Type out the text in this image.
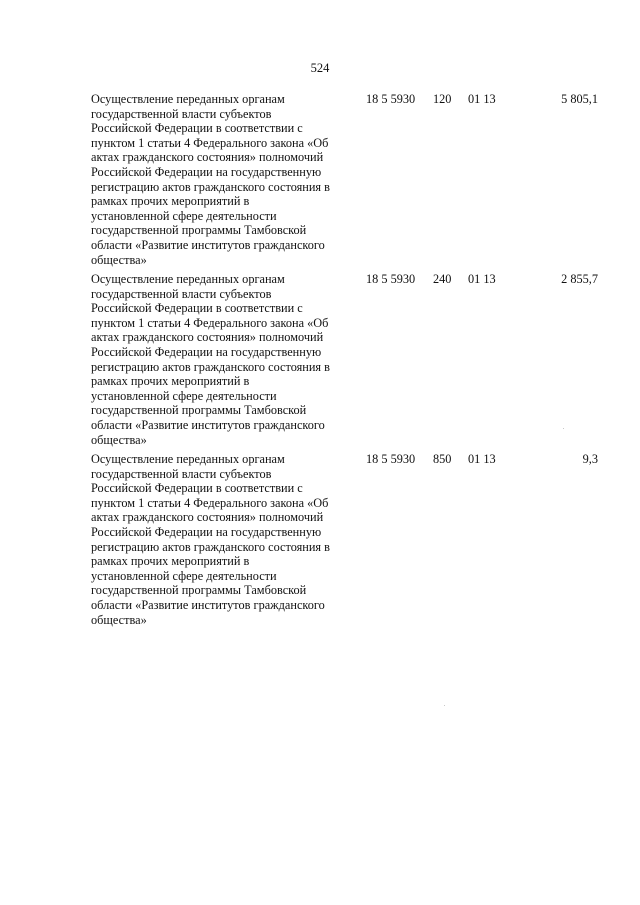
524
Осуществление переданных органам
государственной власти субъектов
Российской Федерации в соответствии с
пунктом 1 статьи 4 Федерального закона «Об
актах гражданского состояния» полномочий
Российской Федерации на государственную
регистрацию актов гражданского состояния в
рамках прочих мероприятий в
установленной сфере деятельности
государственной программы Тамбовской
области «Развитие институтов гражданского
общества»
18 5 5930 120 01 13	5 805,1
Осуществление переданных органам
государственной власти субъектов
Российской Федерации в соответствии с
пунктом 1 статьи 4 Федерального закона «Об
актах гражданского состояния» полномочий
Российской Федерации на государственную
регистрацию актов гражданского состояния в
рамках прочих мероприятий в
установленной сфере деятельности
государственной программы Тамбовской
области «Развитие институтов гражданского
общества»
18 5 5930 240 01 13	2 855,7
Осуществление переданных органам
государственной власти субъектов
Российской Федерации в соответствии с
пунктом 1 статьи 4 Федерального закона «Об
актах гражданского состояния» полномочий
Российской Федерации на государственную
регистрацию актов гражданского состояния в
рамках прочих мероприятий в
установленной сфере деятельности
государственной программы Тамбовской
области «Развитие институтов гражданского
общества»
18 5 5930 850 01 13	9,3
